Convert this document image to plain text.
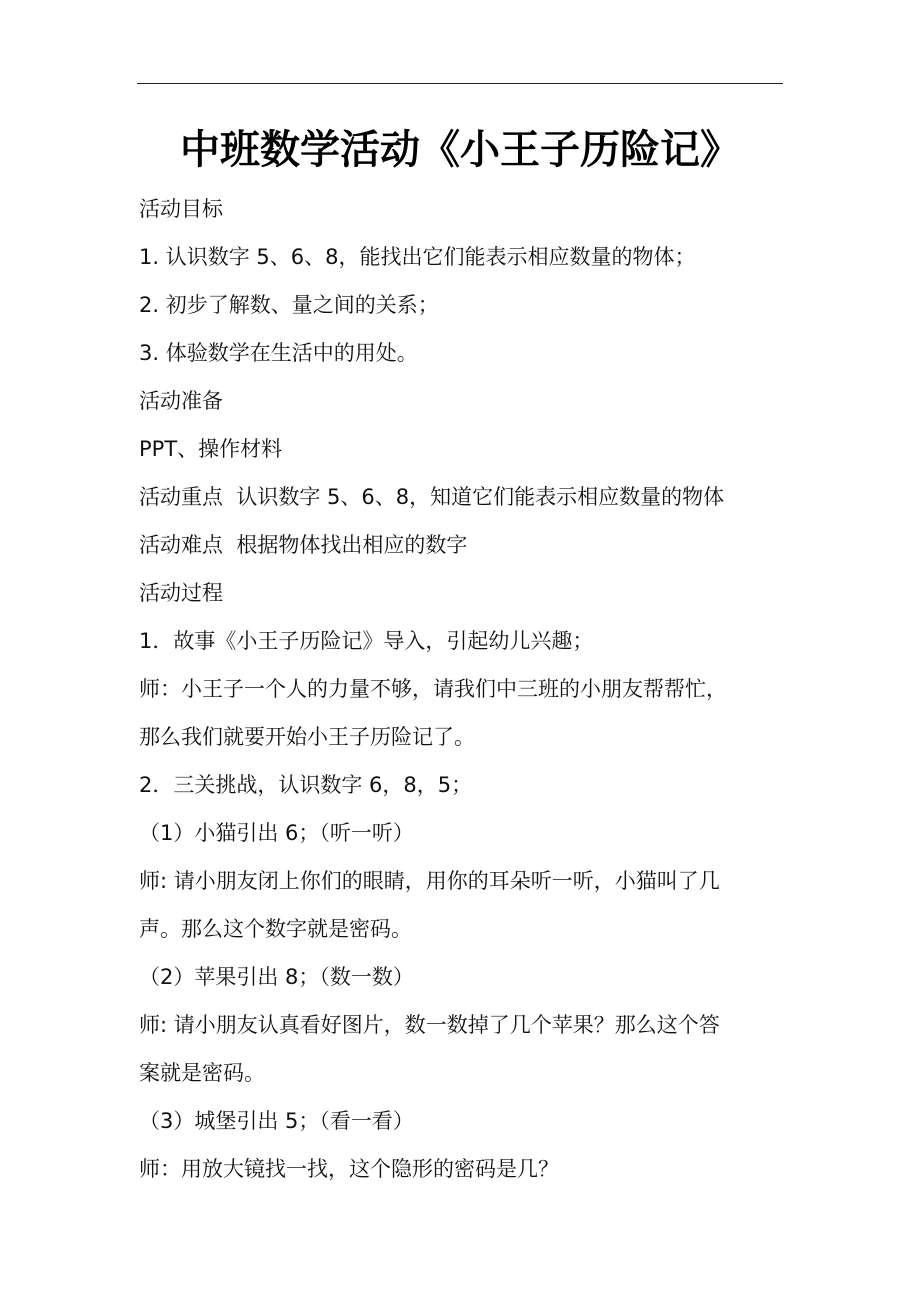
中班数学活动《小王子历险记》
活动目标
1. 认识数字 5、6、8，能找出它们能表示相应数量的物体；
2. 初步了解数、量之间的关系；
3. 体验数学在生活中的用处。
活动准备
PPT、操作材料
活动重点  认识数字 5、6、8，知道它们能表示相应数量的物体
活动难点  根据物体找出相应的数字
活动过程
1．故事《小王子历险记》导入，引起幼儿兴趣；
师：小王子一个人的力量不够，请我们中三班的小朋友帮帮忙，
那么我们就要开始小王子历险记了。
2．三关挑战，认识数字 6，8，5；
（1）小猫引出 6；（听一听）
师: 请小朋友闭上你们的眼睛，用你的耳朵听一听，小猫叫了几
声。那么这个数字就是密码。
（2）苹果引出 8；（数一数）
师: 请小朋友认真看好图片，数一数掉了几个苹果？那么这个答
案就是密码。
（3）城堡引出 5；（看一看）
师：用放大镜找一找，这个隐形的密码是几？
